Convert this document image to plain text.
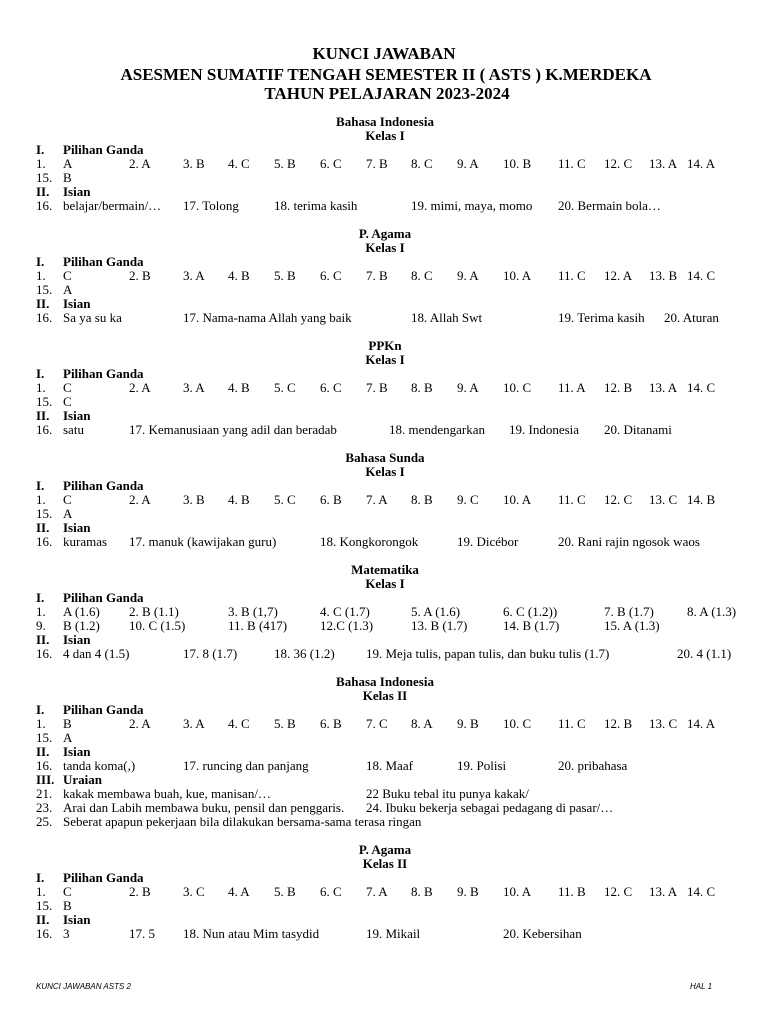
KUNCI JAWABAN
ASESMEN SUMATIF TENGAH SEMESTER II ( ASTS ) K.MERDEKA
TAHUN PELAJARAN 2023-2024
Bahasa Indonesia
Kelas I
I. Pilihan Ganda
1. A	2. A 3. B 4. C 5. B 6. C 7. B 8. C 9. A 10. B 11. C 12. C 13. A 14. A
15. B
II. Isian
16. belajar/bermain/… 17. Tolong	18. terima kasih	19. mimi, maya, momo 20. Bermain bola…
P. Agama
Kelas I
I. Pilihan Ganda
1. C	2. B 3. A 4. B 5. B 6. C 7. B 8. C 9. A 10. A 11. C 12. A 13. B 14. C
15. A
II. Isian
16. Sa ya su ka	17. Nama-nama Allah yang baik	18. Allah Swt	19. Terima kasih 20. Aturan
PPKn
Kelas I
I. Pilihan Ganda
1. C	2. A 3. A 4. B 5. C 6. C 7. B 8. B 9. A 10. C 11. A 12. B 13. A 14. C
15. C
II. Isian
16. satu	17. Kemanusiaan yang adil dan beradab	18. mendengarkan 19. Indonesia 20. Ditanami
Bahasa Sunda
Kelas I
I. Pilihan Ganda
1. C	2. A 3. B 4. B 5. C 6. B 7. A 8. B 9. C 10. A 11. C 12. C 13. C 14. B
15. A
II. Isian
16. kuramas 17. manuk (kawijakan guru)	18. Kongkorongok	19. Dicébor	20. Rani rajin ngosok waos
Matematika
Kelas I
I. Pilihan Ganda
1. A (1.6) 2. B (1.1)	3. B (1,7)	4. C (1.7)	5. A (1.6)	6. C (1.2))	7. B (1.7)	8. A (1.3)
9. B (1.2) 10. C (1.5)	11. B (417)	12.C (1.3)	13. B (1.7)	14. B (1.7)	15. A (1.3)
II. Isian
16. 4 dan 4 (1.5)	17. 8 (1.7)	18. 36 (1.2) 19. Meja tulis, papan tulis, dan buku tulis (1.7)	20. 4 (1.1)
Bahasa Indonesia
Kelas II
I. Pilihan Ganda
1. B	2. A 3. A 4. C 5. B 6. B 7. C 8. A 9. B 10. C 11. C 12. B 13. C 14. A
15. A
II. Isian
16. tanda koma(,)	17. runcing dan panjang	18. Maaf	19. Polisi	20. pribahasa
III. Uraian
21. kakak membawa buah, kue, manisan/…	22 Buku tebal itu punya kakak/
23. Arai dan Labih membawa buku, pensil dan penggaris. 24. Ibuku bekerja sebagai pedagang di pasar/…
25. Seberat apapun pekerjaan bila dilakukan bersama-sama terasa ringan
P. Agama
Kelas II
I. Pilihan Ganda
1. C	2. B 3. C 4. A 5. B 6. C 7. A 8. B 9. B 10. A 11. B 12. C 13. A 14. C
15. B
II. Isian
16. 3	17. 5 18. Nun atau Mim tasydid	19. Mikail	20. Kebersihan
KUNCI JAWABAN ASTS 2	HAL 1
